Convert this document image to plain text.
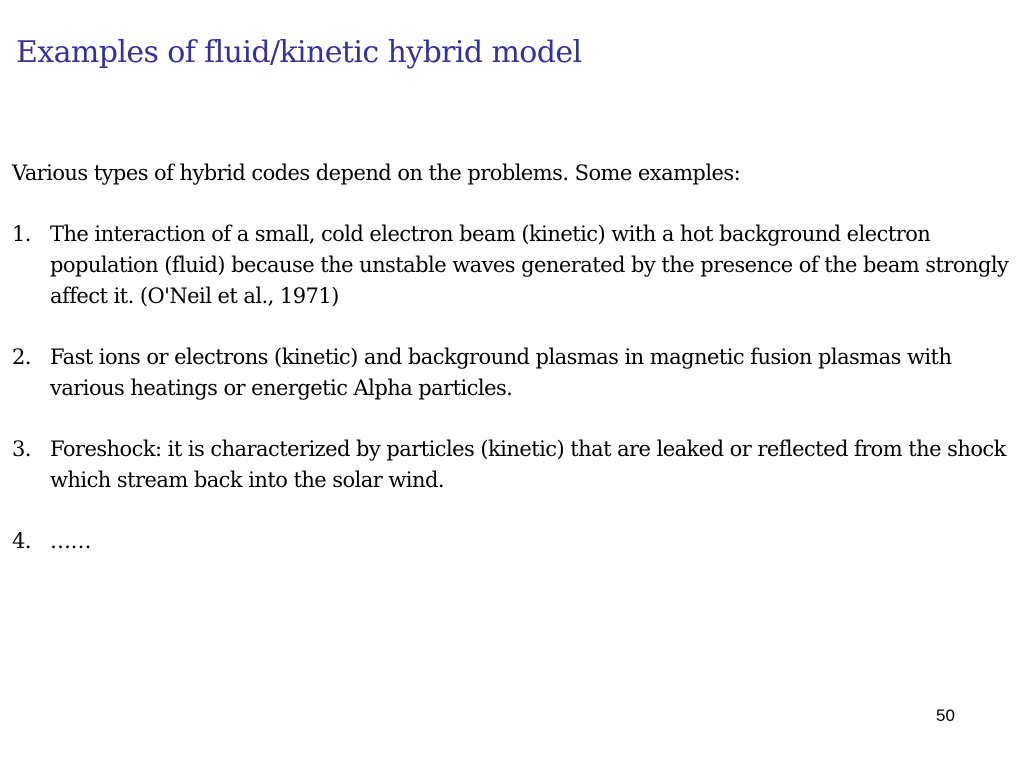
Examples of fluid/kinetic hybrid model

Various types of hybrid codes depend on the problems. Some examples:

1. The interaction of a small, cold electron beam (kinetic) with a hot background electron population (fluid) because the unstable waves generated by the presence of the beam strongly affect it. (O'Neil et al., 1971)
2. Fast ions or electrons (kinetic) and background plasmas in magnetic fusion plasmas with various heatings or energetic Alpha particles.
3. Foreshock: it is characterized by particles (kinetic) that are leaked or reflected from the shock which stream back into the solar wind.
4. ……
50
